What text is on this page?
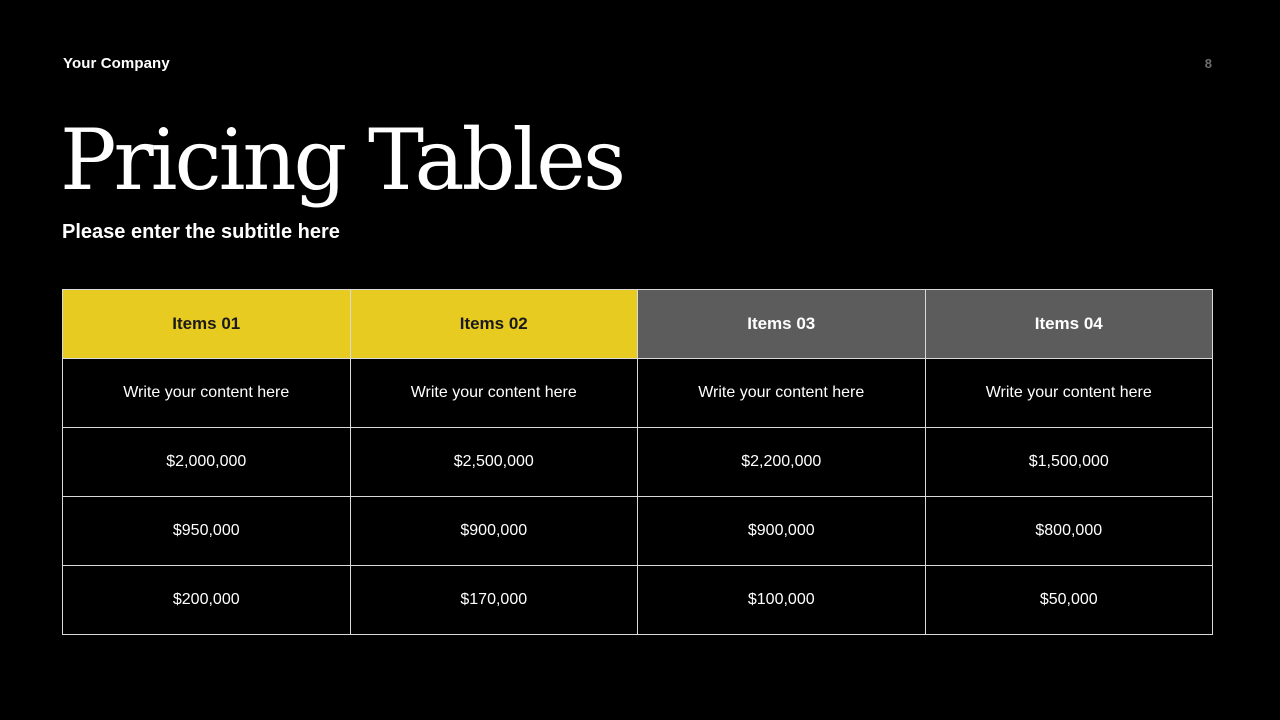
Your Company	8
Pricing Tables
Please enter the subtitle here
Items 01	Items 02	Items 03	Items 04
Write your content here	Write your content here	Write your content here	Write your content here
$2,000,000	$2,500,000	$2,200,000	$1,500,000
$950,000	$900,000	$900,000	$800,000
$200,000	$170,000	$100,000	$50,000
